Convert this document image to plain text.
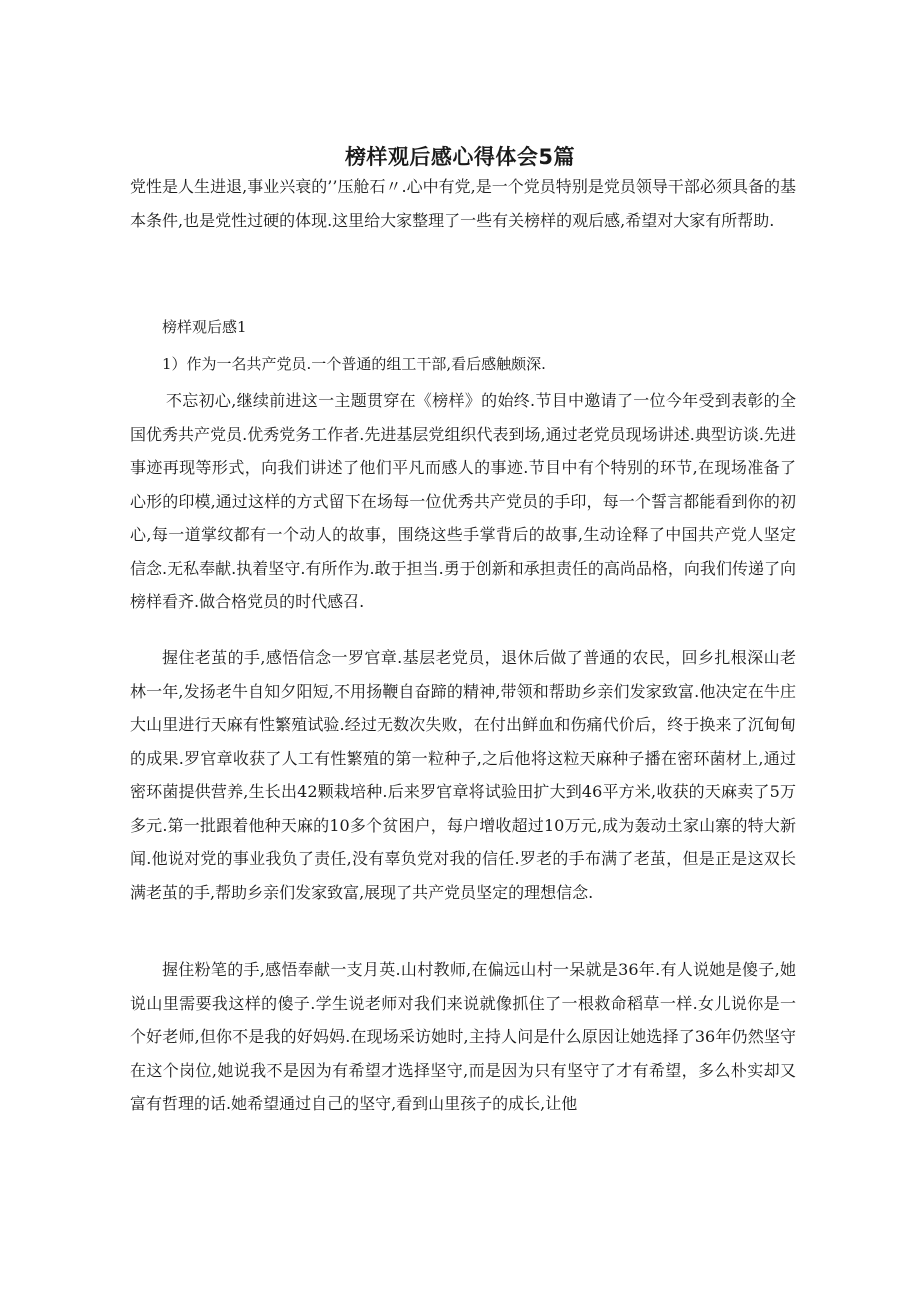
榜样观后感心得体会5篇

党性是人生进退,事业兴衰的’’压舱石〃.心中有党,是一个党员特别是党员领导干部必须具备的基本条件,也是党性过硬的体现.这里给大家整理了一些有关榜样的观后感,希望对大家有所帮助.

榜样观后感1

1）作为一名共产党员.一个普通的组工干部,看后感触颇深.

不忘初心,继续前进这一主题贯穿在《榜样》的始终.节目中邀请了一位今年受到表彰的全国优秀共产党员.优秀党务工作者.先进基层党组织代表到场,通过老党员现场讲述.典型访谈.先进事迹再现等形式，向我们讲述了他们平凡而感人的事迹.节目中有个特别的环节,在现场准备了心形的印模,通过这样的方式留下在场每一位优秀共产党员的手印，每一个誓言都能看到你的初心,每一道掌纹都有一个动人的故事，围绕这些手掌背后的故事,生动诠释了中国共产党人坚定信念.无私奉献.执着坚守.有所作为.敢于担当.勇于创新和承担责任的高尚品格，向我们传递了向榜样看齐.做合格党员的时代感召.

握住老茧的手,感悟信念一罗官章.基层老党员，退休后做了普通的农民，回乡扎根深山老林一年,发扬老牛自知夕阳短,不用扬鞭自奋蹄的精神,带领和帮助乡亲们发家致富.他决定在牛庄大山里进行天麻有性繁殖试验.经过无数次失败，在付出鲜血和伤痛代价后，终于换来了沉甸甸的成果.罗官章收获了人工有性繁殖的第一粒种子,之后他将这粒天麻种子播在密环菌材上,通过密环菌提供营养,生长出42颗栽培种.后来罗官章将试验田扩大到46平方米,收获的天麻卖了5万多元.第一批跟着他种天麻的10多个贫困户，每户增收超过10万元,成为轰动土家山寨的特大新闻.他说对党的事业我负了责任,没有辜负党对我的信任.罗老的手布满了老茧，但是正是这双长满老茧的手,帮助乡亲们发家致富,展现了共产党员坚定的理想信念.

握住粉笔的手,感悟奉献一支月英.山村教师,在偏远山村一呆就是36年.有人说她是傻子,她说山里需要我这样的傻子.学生说老师对我们来说就像抓住了一根救命稻草一样.女儿说你是一个好老师,但你不是我的好妈妈.在现场采访她时,主持人问是什么原因让她选择了36年仍然坚守在这个岗位,她说我不是因为有希望才选择坚守,而是因为只有坚守了才有希望，多么朴实却又富有哲理的话.她希望通过自己的坚守,看到山里孩子的成长,让他
